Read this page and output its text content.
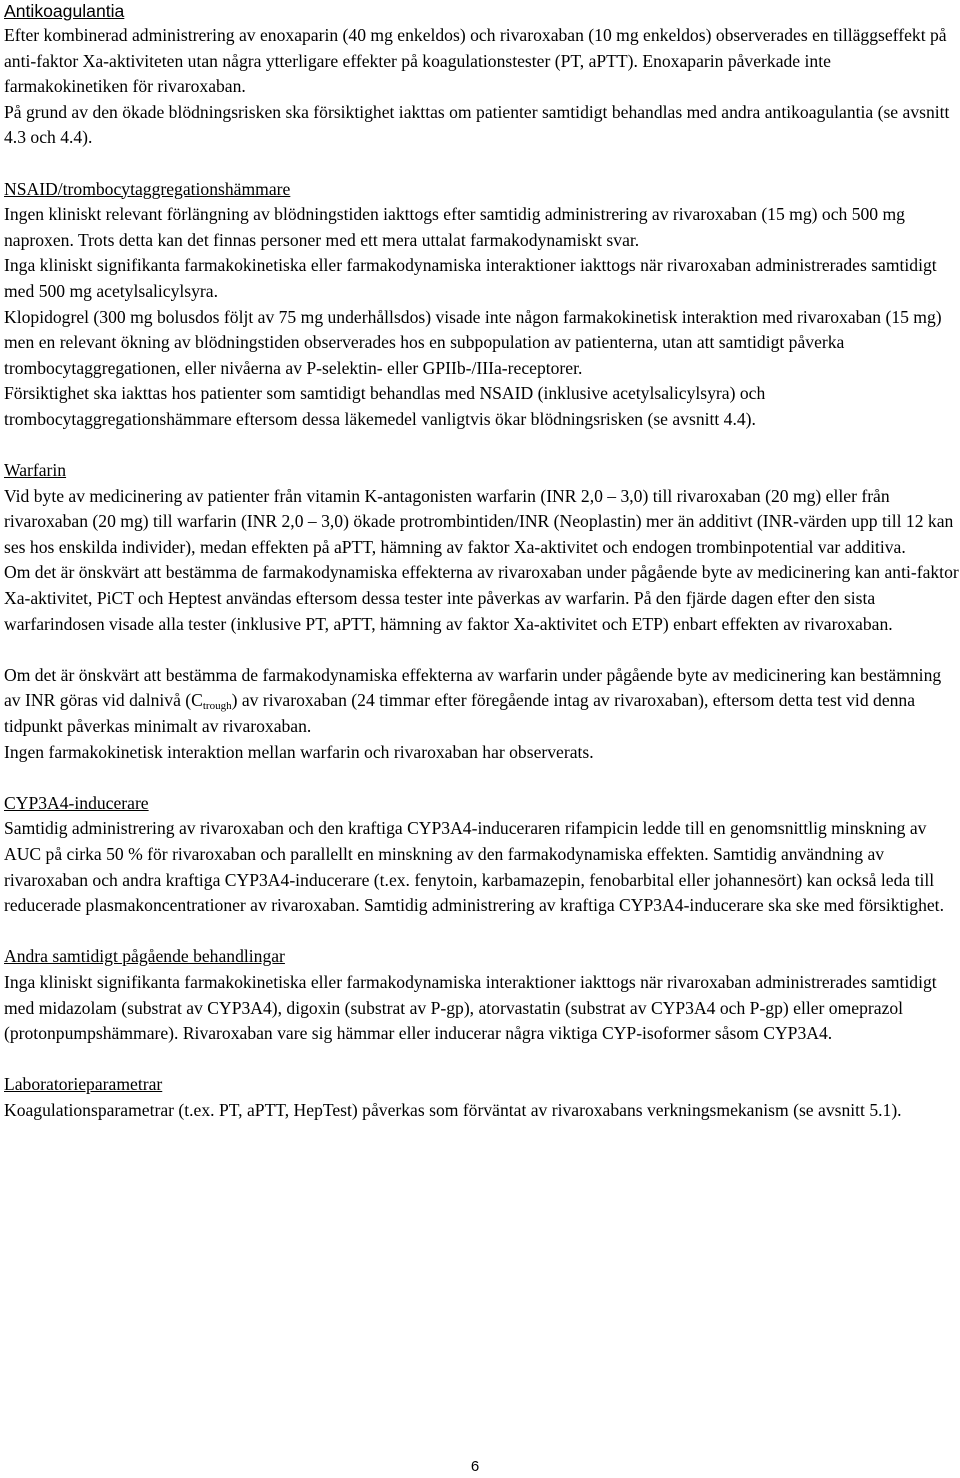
Antikoagulantia

Efter kombinerad administrering av enoxaparin (40 mg enkeldos) och rivaroxaban (10 mg enkeldos) observerades en tilläggseffekt på anti-faktor Xa-aktiviteten utan några ytterligare effekter på koagulationstester (PT, aPTT). Enoxaparin påverkade inte farmakokinetiken för rivaroxaban.

På grund av den ökade blödningsrisken ska försiktighet iakttas om patienter samtidigt behandlas med andra antikoagulantia (se avsnitt 4.3 och 4.4).

NSAID/trombocytaggregationshämmare

Ingen kliniskt relevant förlängning av blödningstiden iakttogs efter samtidig administrering av rivaroxaban (15 mg) och 500 mg naproxen. Trots detta kan det finnas personer med ett mera uttalat farmakodynamiskt svar.

Inga kliniskt signifikanta farmakokinetiska eller farmakodynamiska interaktioner iakttogs när rivaroxaban administrerades samtidigt med 500 mg acetylsalicylsyra.

Klopidogrel (300 mg bolusdos följt av 75 mg underhållsdos) visade inte någon farmakokinetisk interaktion med rivaroxaban (15 mg) men en relevant ökning av blödningstiden observerades hos en subpopulation av patienterna, utan att samtidigt påverka trombocytaggregationen, eller nivåerna av P-selektin- eller GPIIb-/IIIa-receptorer.

Försiktighet ska iakttas hos patienter som samtidigt behandlas med NSAID (inklusive acetylsalicylsyra) och trombocytaggregationshämmare eftersom dessa läkemedel vanligtvis ökar blödningsrisken (se avsnitt 4.4).

Warfarin

Vid byte av medicinering av patienter från vitamin K-antagonisten warfarin (INR 2,0 – 3,0) till rivaroxaban (20 mg) eller från rivaroxaban (20 mg) till warfarin (INR 2,0 – 3,0) ökade protrombintiden/INR (Neoplastin) mer än additivt (INR-värden upp till 12 kan ses hos enskilda individer), medan effekten på aPTT, hämning av faktor Xa-aktivitet och endogen trombinpotential var additiva.

Om det är önskvärt att bestämma de farmakodynamiska effekterna av rivaroxaban under pågående byte av medicinering kan anti-faktor Xa-aktivitet, PiCT och Heptest användas eftersom dessa tester inte påverkas av warfarin. På den fjärde dagen efter den sista warfarindosen visade alla tester (inklusive PT, aPTT, hämning av faktor Xa-aktivitet och ETP) enbart effekten av rivaroxaban.

Om det är önskvärt att bestämma de farmakodynamiska effekterna av warfarin under pågående byte av medicinering kan bestämning av INR göras vid dalnivå $(C_{trough})$ av rivaroxaban (24 timmar efter föregående intag av rivaroxaban), eftersom detta test vid denna tidpunkt påverkas minimalt av rivaroxaban.

Ingen farmakokinetisk interaktion mellan warfarin och rivaroxaban har observerats.

CYP3A4-inducerare

Samtidig administrering av rivaroxaban och den kraftiga CYP3A4-induceraren rifampicin ledde till en genomsnittlig minskning av AUC på cirka 50 % för rivaroxaban och parallellt en minskning av den farmakodynamiska effekten. Samtidig användning av rivaroxaban och andra kraftiga CYP3A4-inducerare (t.ex. fenytoin, karbamazepin, fenobarbital eller johannesört) kan också leda till reducerade plasmakoncentrationer av rivaroxaban. Samtidig administrering av kraftiga CYP3A4-inducerare ska ske med försiktighet.

Andra samtidigt pågående behandlingar

Inga kliniskt signifikanta farmakokinetiska eller farmakodynamiska interaktioner iakttogs när rivaroxaban administrerades samtidigt med midazolam (substrat av CYP3A4), digoxin (substrat av P-gp), atorvastatin (substrat av CYP3A4 och P-gp) eller omeprazol (protonpumpshämmare). Rivaroxaban vare sig hämmar eller inducerar några viktiga CYP-isoformer såsom CYP3A4.

Laboratorieparametrar

Koagulationsparametrar (t.ex. PT, aPTT, HepTest) påverkas som förväntat av rivaroxabans verkningsmekanism (se avsnitt 5.1).

6
